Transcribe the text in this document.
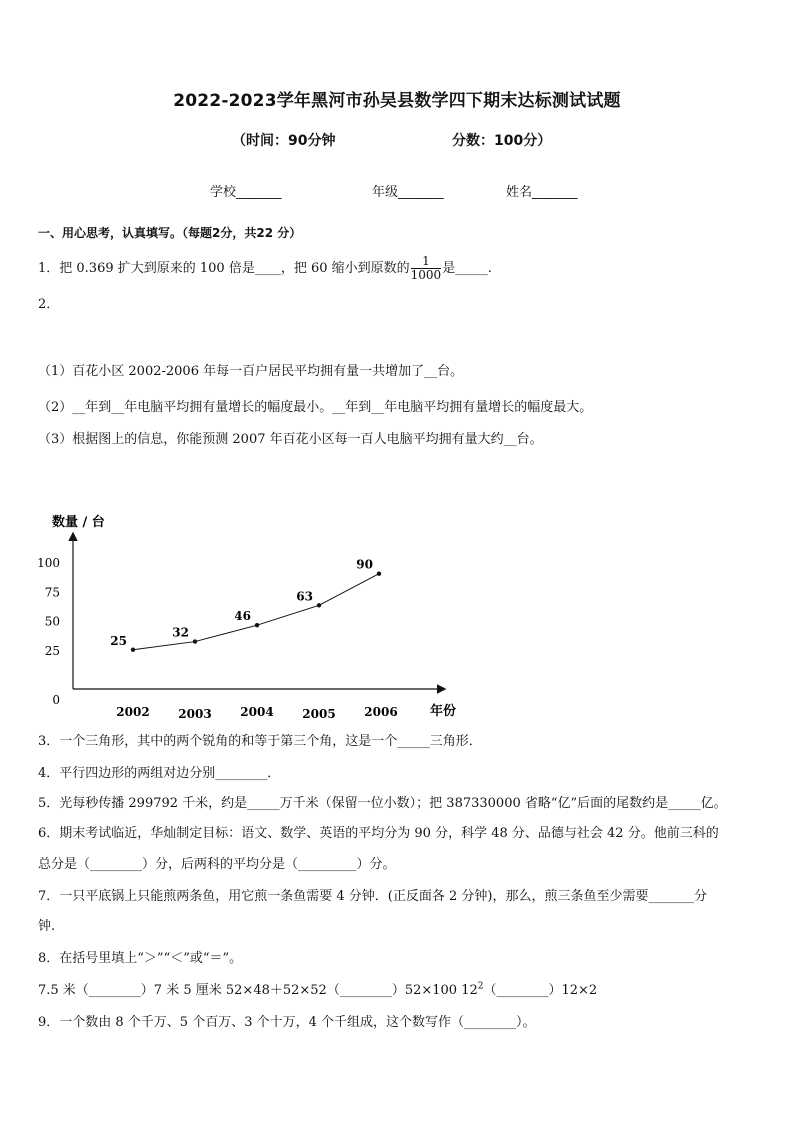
2022-2023学年黑河市孙吴县数学四下期末达标测试试题
（时间：90分钟	分数：100分）
学校_______	年级_______	姓名_______
一、用心思考，认真填写。（每题2分，共22 分）
1．把 0.369 扩大到原来的 100 倍是____，把 60 缩小到原数的 $\frac{1}{1000}$ 是_____.
2．
（1）百花小区 2002-2006 年每一百户居民平均拥有量一共增加了__台。
（2）__年到__年电脑平均拥有量增长的幅度最小。__年到__年电脑平均拥有量增长的幅度最大。
（3）根据图上的信息，你能预测 2007 年百花小区每一百人电脑平均拥有量大约__台。
数量 / 台
年份
0
25
50
75
100
2002 2003 2004 2005 2006
25
32
46
63
90
3．一个三角形，其中的两个锐角的和等于第三个角，这是一个_____三角形．
4．平行四边形的两组对边分别________．
5．光每秒传播 299792 千米，约是_____万千米（保留一位小数）；把 387330000 省略“亿”后面的尾数约是_____亿。
6．期末考试临近，华灿制定目标：语文、数学、英语的平均分为 90 分，科学 48 分、品德与社会 42 分。他前三科的
总分是（________）分，后两科的平均分是（_________）分。
7．一只平底锅上只能煎两条鱼，用它煎一条鱼需要 4 分钟．(正反面各 2 分钟)，那么，煎三条鱼至少需要_______分
钟.
8．在括号里填上“＞”“＜”或“＝”。
7.5 米（________）7 米 5 厘米 52×48＋52×52（________）52×100 $12^2(\_\_\_\_\_\_\_\_)12\times 2$
9．一个数由 8 个千万、5 个百万、3 个十万，4 个千组成，这个数写作（________）。
